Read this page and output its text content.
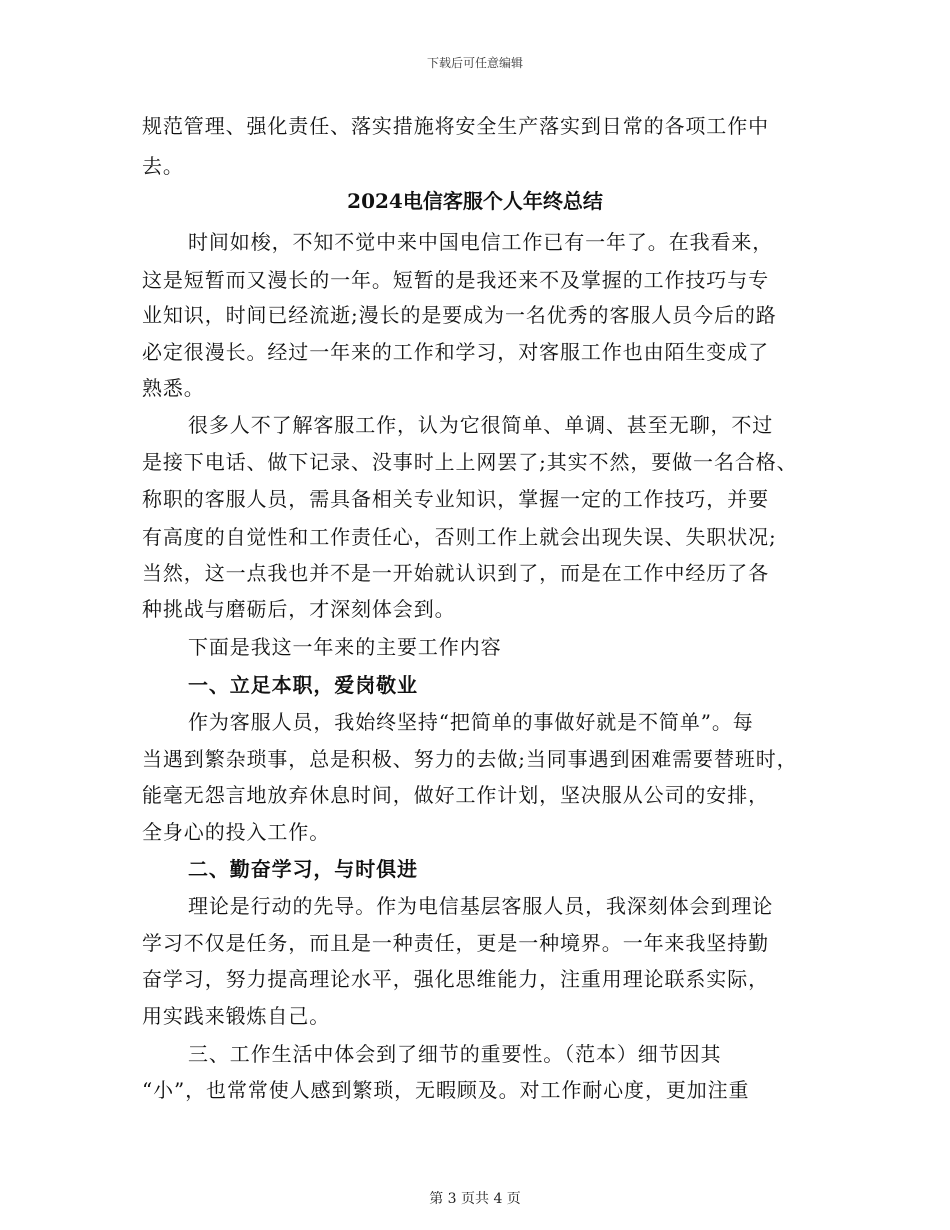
下载后可任意编辑
规范管理、强化责任、落实措施将安全生产落实到日常的各项工作中
去。
2024电信客服个人年终总结
时间如梭，不知不觉中来中国电信工作已有一年了。在我看来，
这是短暂而又漫长的一年。短暂的是我还来不及掌握的工作技巧与专
业知识，时间已经流逝;漫长的是要成为一名优秀的客服人员今后的路
必定很漫长。经过一年来的工作和学习，对客服工作也由陌生变成了
熟悉。
很多人不了解客服工作，认为它很简单、单调、甚至无聊，不过
是接下电话、做下记录、没事时上上网罢了;其实不然，要做一名合格、
称职的客服人员，需具备相关专业知识，掌握一定的工作技巧，并要
有高度的自觉性和工作责任心，否则工作上就会出现失误、失职状况;
当然，这一点我也并不是一开始就认识到了，而是在工作中经历了各
种挑战与磨砺后，才深刻体会到。
下面是我这一年来的主要工作内容
一、立足本职，爱岗敬业
作为客服人员，我始终坚持“把简单的事做好就是不简单”。每
当遇到繁杂琐事，总是积极、努力的去做;当同事遇到困难需要替班时，
能毫无怨言地放弃休息时间，做好工作计划，坚决服从公司的安排，
全身心的投入工作。
二、勤奋学习，与时俱进
理论是行动的先导。作为电信基层客服人员，我深刻体会到理论
学习不仅是任务，而且是一种责任，更是一种境界。一年来我坚持勤
奋学习，努力提高理论水平，强化思维能力，注重用理论联系实际，
用实践来锻炼自己。
三、工作生活中体会到了细节的重要性。（范本）细节因其
“小”，也常常使人感到繁琐，无暇顾及。对工作耐心度，更加注重
第 3 页共 4 页
